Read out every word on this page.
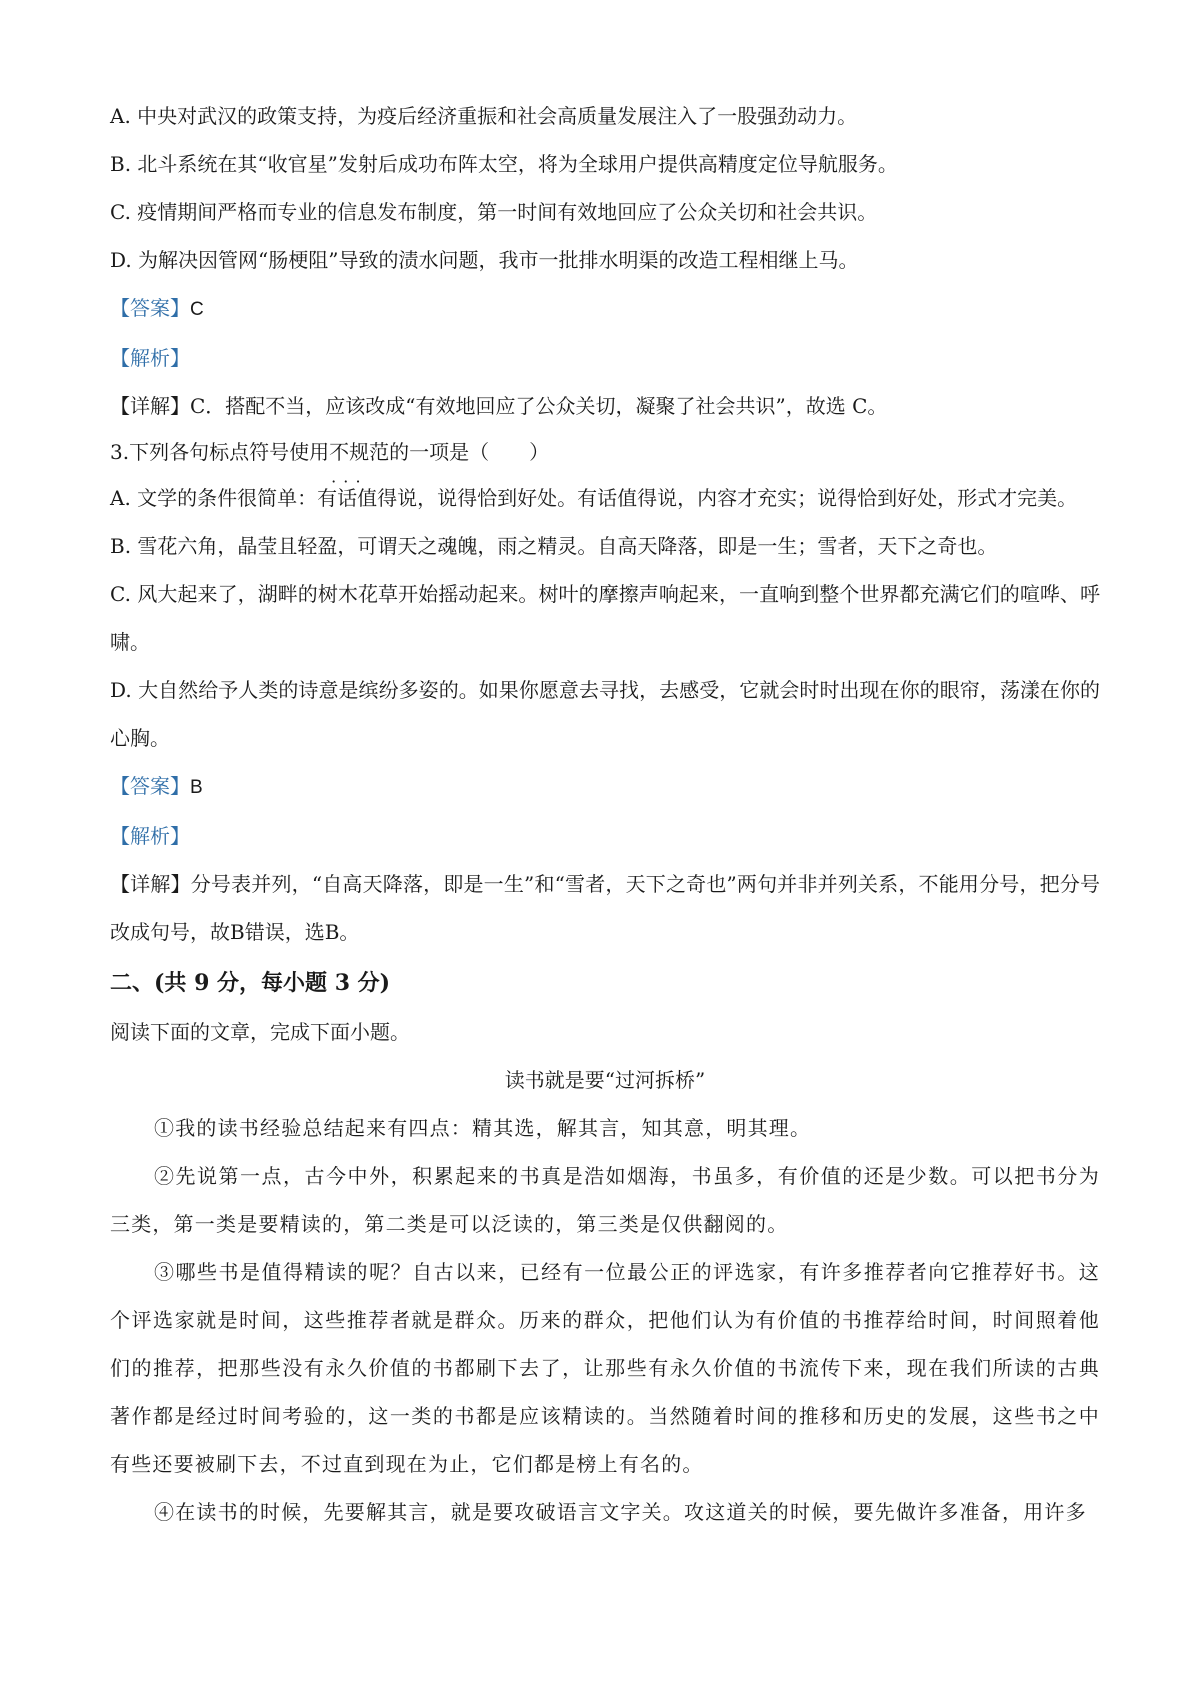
A. 中央对武汉的政策支持，为疫后经济重振和社会高质量发展注入了一股强劲动力。

B. 北斗系统在其“收官星”发射后成功布阵太空，将为全球用户提供高精度定位导航服务。

C. 疫情期间严格而专业的信息发布制度，第一时间有效地回应了公众关切和社会共识。

D. 为解决因管网“肠梗阻”导致的渍水问题，我市一批排水明渠的改造工程相继上马。

【答案】C

【解析】

【详解】C．搭配不当，应该改成“有效地回应了公众关切，凝聚了社会共识”，故选 C。

3.下列各句标点符号使用不规范 · · ·的一项是（　　）

A. 文学的条件很简单：有话值得说，说得恰到好处。有话值得说，内容才充实；说得恰到好处，形式才完美。

B. 雪花六角，晶莹且轻盈，可谓天之魂魄，雨之精灵。自高天降落，即是一生；雪者，天下之奇也。

C. 风大起来了，湖畔的树木花草开始摇动起来。树叶的摩擦声响起来，一直响到整个世界都充满它们的喧哗、呼啸。

D. 大自然给予人类的诗意是缤纷多姿的。如果你愿意去寻找，去感受，它就会时时出现在你的眼帘，荡漾在你的心胸。

【答案】B

【解析】

【详解】分号表并列，“自高天降落，即是一生”和“雪者，天下之奇也”两句并非并列关系，不能用分号，把分号改成句号，故B错误，选B。

二、(共 9 分，每小题 3 分)

阅读下面的文章，完成下面小题。

读书就是要“过河拆桥”

①我的读书经验总结起来有四点：精其选，解其言，知其意，明其理。

②先说第一点，古今中外，积累起来的书真是浩如烟海，书虽多，有价值的还是少数。可以把书分为三类，第一类是要精读的，第二类是可以泛读的，第三类是仅供翻阅的。

③哪些书是值得精读的呢？自古以来，已经有一位最公正的评选家，有许多推荐者向它推荐好书。这个评选家就是时间，这些推荐者就是群众。历来的群众，把他们认为有价值的书推荐给时间，时间照着他们的推荐，把那些没有永久价值的书都刷下去了，让那些有永久价值的书流传下来，现在我们所读的古典著作都是经过时间考验的，这一类的书都是应该精读的。当然随着时间的推移和历史的发展，这些书之中有些还要被刷下去，不过直到现在为止，它们都是榜上有名的。

④在读书的时候，先要解其言，就是要攻破语言文字关。攻这道关的时候，要先做许多准备，用许多
